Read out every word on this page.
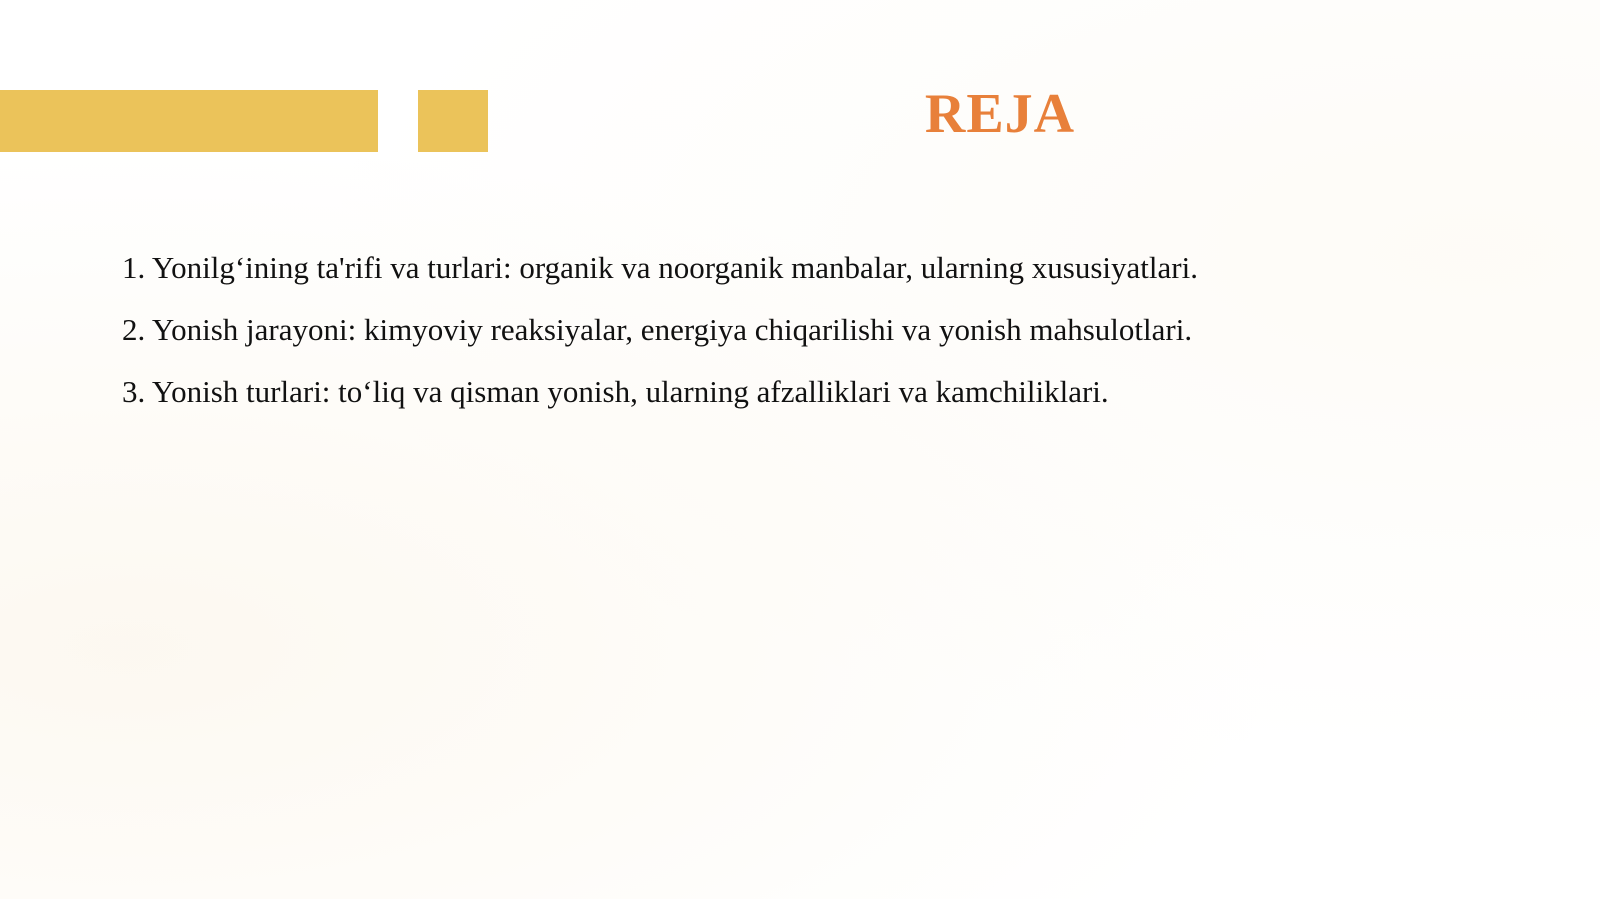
REJA
1. Yonilg‘ining ta'rifi va turlari: organik va noorganik manbalar, ularning xususiyatlari.
2. Yonish jarayoni: kimyoviy reaksiyalar, energiya chiqarilishi va yonish mahsulotlari.
3. Yonish turlari: to‘liq va qisman yonish, ularning afzalliklari va kamchiliklari.
